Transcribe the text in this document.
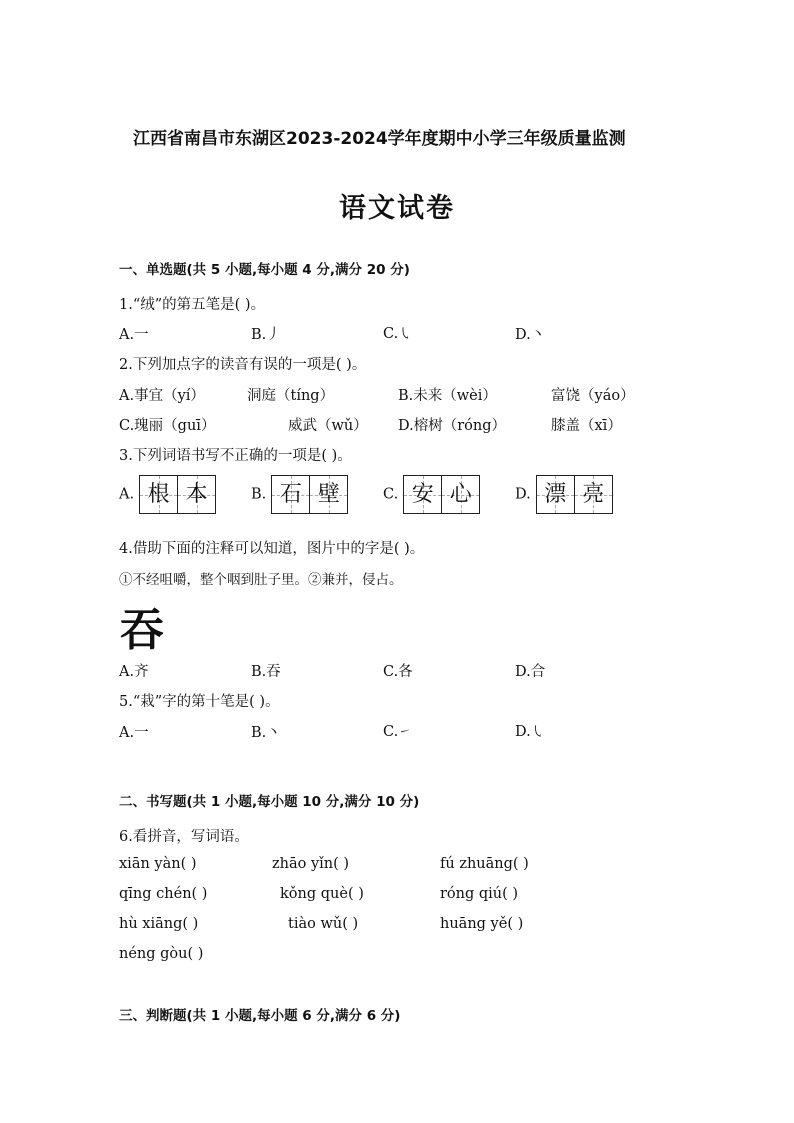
江西省南昌市东湖区2023-2024学年度期中小学三年级质量监测
语文试卷
一、单选题(共 5 小题,每小题 4 分,满分 20 分)
1.“绒”的第五笔是( )。
A.一	B.丿	C.㇂	D.丶
2.下列加点字的读音有误的一项是( )。
A.事宜（yí）	洞庭（tíng）	B.未来（wèi）	富饶（yáo）
C.瑰丽（guī）	威武（wǔ） D.榕树（róng）	膝盖（xī）
3.下列词语书写不正确的一项是( )。
A. 根 本	B. 石 壁	C. 安 心	D. 漂 亮
4.借助下面的注释可以知道，图片中的字是( )。
①不经咀嚼，整个咽到肚子里。②兼并，侵占。
吞
A.齐	B.吞	C.各	D.合
5.“栽”字的第十笔是( )。
A.一	B.丶	C.㇀	D.㇂
二、书写题(共 1 小题,每小题 10 分,满分 10 分)
6.看拼音，写词语。
xiān yàn( )	zhāo yǐn( )	fú zhuāng( )
qīng chén( )	kǒng què( )	róng qiú( )
hù xiāng( )	tiào wǔ( )	huāng yě( )
néng gòu( )
三、判断题(共 1 小题,每小题 6 分,满分 6 分)
